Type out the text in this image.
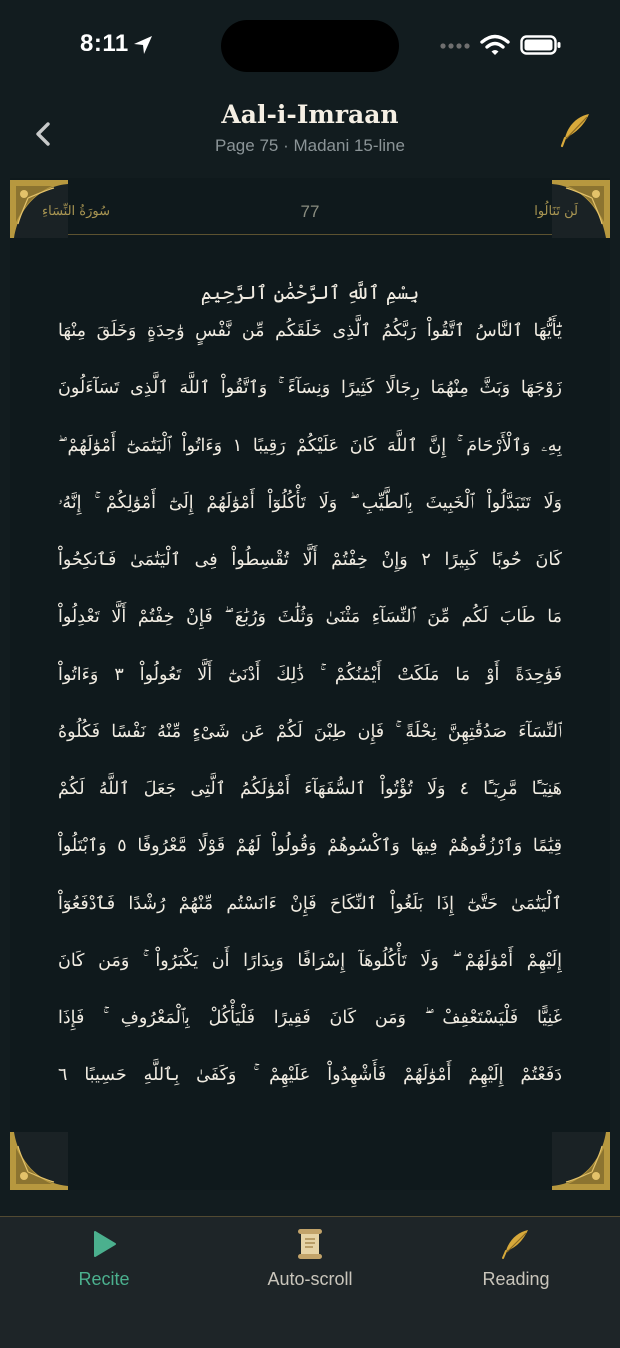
8:11
Aal-i-Imraan
Page 75 · Madani 15-line
سُورَةُ النِّسَاءِ	77	لَن تَنَالُوا
بِسْمِ ٱللَّهِ ٱلرَّحْمَٰنِ ٱلرَّحِيمِ
يَٰٓأَيُّهَا ٱلنَّاسُ ٱتَّقُواْ رَبَّكُمُ ٱلَّذِى خَلَقَكُم مِّن نَّفْسٍ وَٰحِدَةٍ وَخَلَقَ مِنْهَا
زَوْجَهَا وَبَثَّ مِنْهُمَا رِجَالًا كَثِيرًا وَنِسَآءً ۚ وَٱتَّقُواْ ٱللَّهَ ٱلَّذِى تَسَآءَلُونَ
بِهِۦ وَٱلْأَرْحَامَ ۚ إِنَّ ٱللَّهَ كَانَ عَلَيْكُمْ رَقِيبًا ١ وَءَاتُواْ ٱلْيَتَٰمَىٰٓ أَمْوَٰلَهُمْ ۖ
وَلَا تَتَبَدَّلُواْ ٱلْخَبِيثَ بِٱلطَّيِّبِ ۖ وَلَا تَأْكُلُوٓاْ أَمْوَٰلَهُمْ إِلَىٰٓ أَمْوَٰلِكُمْ ۚ إِنَّهُۥ
كَانَ حُوبًا كَبِيرًا ٢ وَإِنْ خِفْتُمْ أَلَّا تُقْسِطُواْ فِى ٱلْيَتَٰمَىٰ فَٱنكِحُواْ
مَا طَابَ لَكُم مِّنَ ٱلنِّسَآءِ مَثْنَىٰ وَثُلَٰثَ وَرُبَٰعَ ۖ فَإِنْ خِفْتُمْ أَلَّا تَعْدِلُواْ
فَوَٰحِدَةً أَوْ مَا مَلَكَتْ أَيْمَٰنُكُمْ ۚ ذَٰلِكَ أَدْنَىٰٓ أَلَّا تَعُولُواْ ٣ وَءَاتُواْ
ٱلنِّسَآءَ صَدُقَٰتِهِنَّ نِحْلَةً ۚ فَإِن طِبْنَ لَكُمْ عَن شَىْءٍ مِّنْهُ نَفْسًا فَكُلُوهُ
هَنِيٓـًٔا مَّرِيٓـًٔا ٤ وَلَا تُؤْتُواْ ٱلسُّفَهَآءَ أَمْوَٰلَكُمُ ٱلَّتِى جَعَلَ ٱللَّهُ لَكُمْ
قِيَٰمًا وَٱرْزُقُوهُمْ فِيهَا وَٱكْسُوهُمْ وَقُولُواْ لَهُمْ قَوْلًا مَّعْرُوفًا ٥ وَٱبْتَلُواْ
ٱلْيَتَٰمَىٰ حَتَّىٰٓ إِذَا بَلَغُواْ ٱلنِّكَاحَ فَإِنْ ءَانَسْتُم مِّنْهُمْ رُشْدًا فَٱدْفَعُوٓاْ
إِلَيْهِمْ أَمْوَٰلَهُمْ ۖ وَلَا تَأْكُلُوهَآ إِسْرَافًا وَبِدَارًا أَن يَكْبَرُواْ ۚ وَمَن كَانَ
غَنِيًّا فَلْيَسْتَعْفِفْ ۖ وَمَن كَانَ فَقِيرًا فَلْيَأْكُلْ بِٱلْمَعْرُوفِ ۚ فَإِذَا
دَفَعْتُمْ إِلَيْهِمْ أَمْوَٰلَهُمْ فَأَشْهِدُواْ عَلَيْهِمْ ۚ وَكَفَىٰ بِٱللَّهِ حَسِيبًا ٦
Recite	Auto-scroll	Reading
